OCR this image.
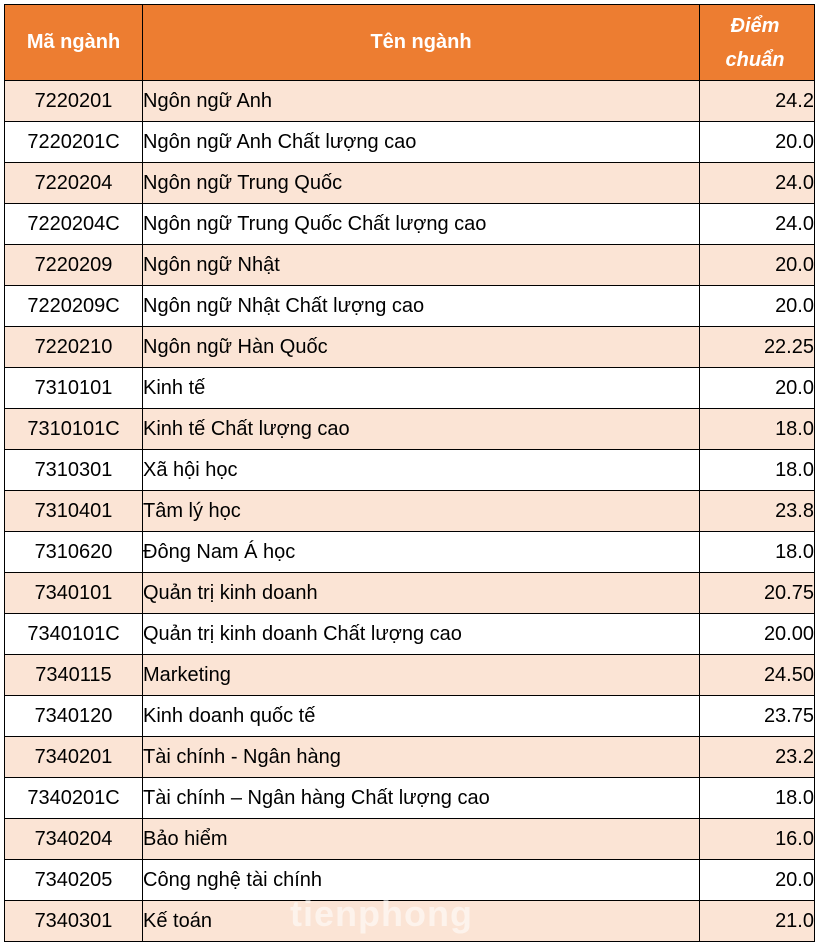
Mã ngành	Tên ngành	Điểm
chuẩn
7220201	Ngôn ngữ Anh	24.2
7220201C	Ngôn ngữ Anh Chất lượng cao	20.0
7220204	Ngôn ngữ Trung Quốc	24.0
7220204C	Ngôn ngữ Trung Quốc Chất lượng cao	24.0
7220209	Ngôn ngữ Nhật	20.0
7220209C	Ngôn ngữ Nhật Chất lượng cao	20.0
7220210	Ngôn ngữ Hàn Quốc	22.25
7310101	Kinh tế	20.0
7310101C	Kinh tế Chất lượng cao	18.0
7310301	Xã hội học	18.0
7310401	Tâm lý học	23.8
7310620	Đông Nam Á học	18.0
7340101	Quản trị kinh doanh	20.75
7340101C	Quản trị kinh doanh Chất lượng cao	20.00
7340115	Marketing	24.50
7340120	Kinh doanh quốc tế	23.75
7340201	Tài chính - Ngân hàng	23.2
7340201C	Tài chính – Ngân hàng Chất lượng cao	18.0
7340204	Bảo hiểm	16.0
7340205	Công nghệ tài chính	20.0
7340301	Kế toán	21.0
tienphong
